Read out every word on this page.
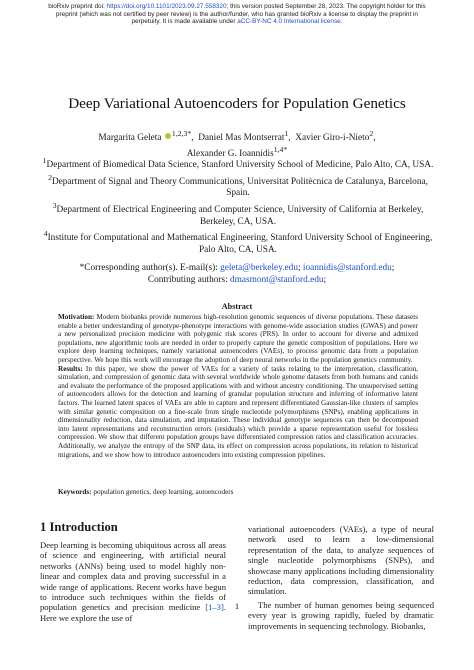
bioRxiv preprint doi: https://doi.org/10.1101/2023.09.27.558320; this version posted September 28, 2023. The copyright holder for this
preprint (which was not certified by peer review) is the author/funder, who has granted bioRxiv a license to display the preprint in
perpetuity. It is made available under aCC-BY-NC 4.0 International license.
Deep Variational Autoencoders for Population Genetics
Margarita Geleta $^{1,2,3*}$,  Daniel Mas Montserrat$^1$,  Xavier Giro-i-Nieto$^2$,
Alexander G. Ioannidis$^{1,4*}$
$^1$Department of Biomedical Data Science, Stanford University School of Medicine, Palo Alto, CA, USA.
$^2$Department of Signal and Theory Communications, Universitat Politècnica de Catalunya, Barcelona, Spain.
$^3$Department of Electrical Engineering and Computer Science, University of California at Berkeley, Berkeley, CA, USA.
$^4$Institute for Computational and Mathematical Engineering, Stanford University School of Engineering, Palo Alto, CA, USA.
*Corresponding author(s). E-mail(s): geleta@berkeley.edu; ioannidis@stanford.edu;
Contributing authors: dmasmont@stanford.edu;
Abstract

Motivation: Modern biobanks provide numerous high-resolution genomic sequences of diverse populations. These datasets enable a better understanding of genotype-phenotype interactions with genome-wide association studies (GWAS) and power a new personalized precision medicine with polygenic risk scores (PRS). In order to account for diverse and admixed populations, new algorithmic tools are needed in order to properly capture the genetic composition of populations. Here we explore deep learning techniques, namely variational autoencoders (VAEs), to process genomic data from a population perspective. We hope this work will encourage the adoption of deep neural networks in the population genetics community.

Results: In this paper, we show the power of VAEs for a variety of tasks relating to the interpretation, classification, simulation, and compression of genomic data with several worldwide whole genome datasets from both humans and canids and evaluate the performance of the proposed applications with and without ancestry conditioning. The unsupervised setting of autoencoders allows for the detection and learning of granular population structure and inferring of informative latent factors. The learned latent spaces of VAEs are able to capture and represent differentiated Gaussian-like clusters of samples with similar genetic composition on a fine-scale from single nucleotide polymorphisms (SNPs), enabling applications in dimensionality reduction, data simulation, and imputation. These individual genotype sequences can then be decomposed into latent representations and reconstruction errors (residuals) which provide a sparse representation useful for lossless compression. We show that different population groups have differentiated compression ratios and classification accuracies. Additionally, we analyze the entropy of the SNP data, its effect on compression across populations, its relation to historical migrations, and we show how to introduce autoencoders into existing compression pipelines.

Keywords: population genetics, deep learning, autoencoders
1 Introduction

Deep learning is becoming ubiquitous across all areas of science and engineering, with artificial neural networks (ANNs) being used to model highly non-linear and complex data and proving successful in a wide range of applications. Recent works have begun to introduce such techniques within the fields of population genetics and precision medicine [1–3]. Here we explore the use of

variational autoencoders (VAEs), a type of neural network used to learn a low-dimensional representation of the data, to analyze sequences of single nucleotide polymorphisms (SNPs), and showcase many applications including dimensionality reduction, data compression, classification, and simulation.

The number of human genomes being sequenced every year is growing rapidly, fueled by dramatic improvements in sequencing technology. Biobanks,

1
